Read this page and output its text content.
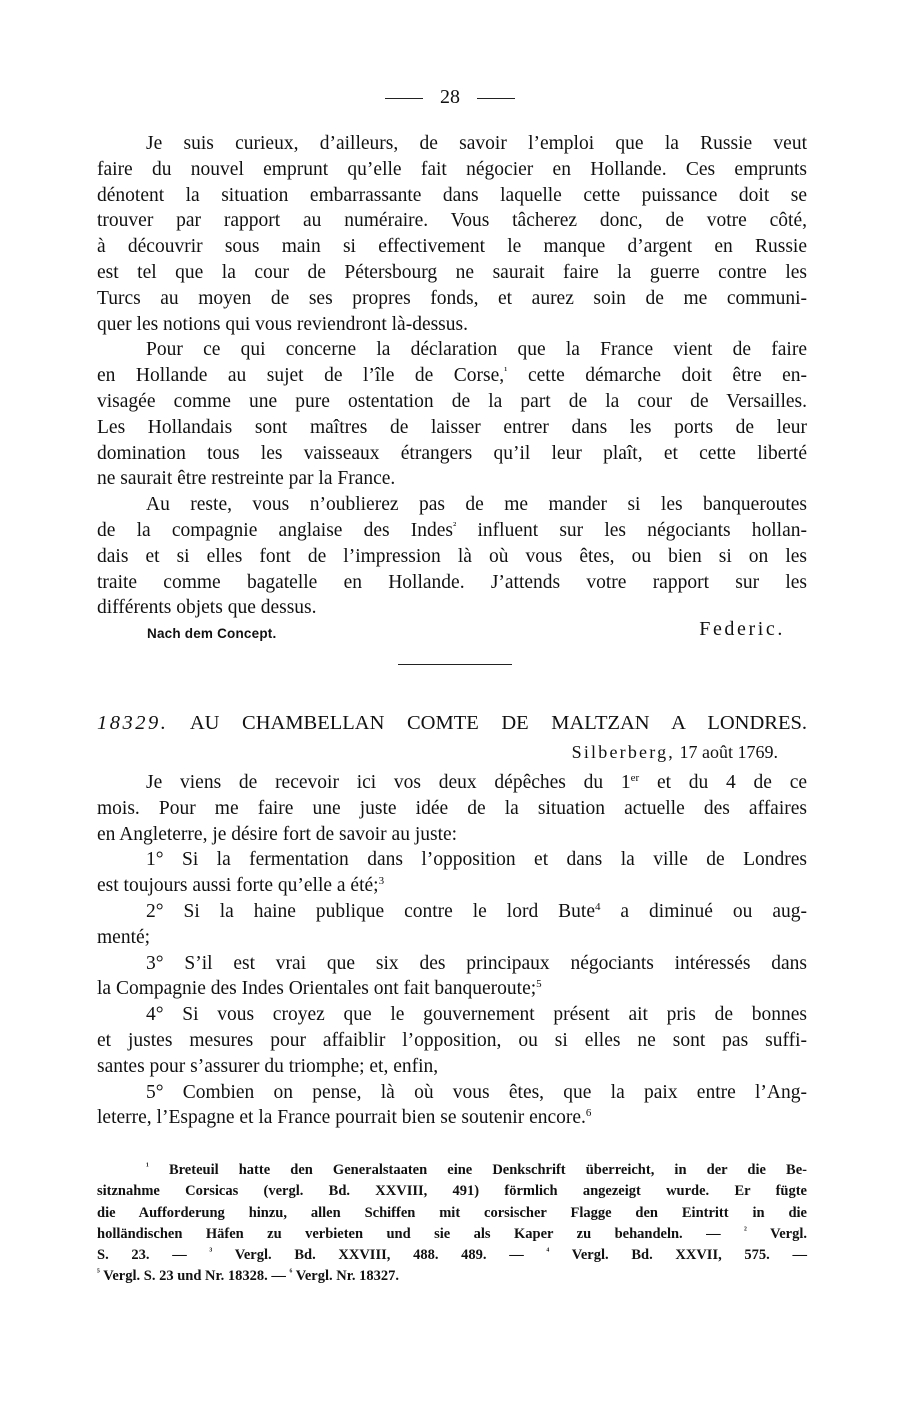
28
Je suis curieux, d’ailleurs, de savoir l’emploi que la Russie veut
faire du nouvel emprunt qu’elle fait négocier en Hollande. Ces emprunts
dénotent la situation embarrassante dans laquelle cette puissance doit se
trouver par rapport au numéraire. Vous tâcherez donc, de votre côté,
à découvrir sous main si effectivement le manque d’argent en Russie
est tel que la cour de Pétersbourg ne saurait faire la guerre contre les
Turcs au moyen de ses propres fonds, et aurez soin de me communi-
quer les notions qui vous reviendront là-dessus.
Pour ce qui concerne la déclaration que la France vient de faire
en Hollande au sujet de l’île de Corse,$^{^1}$ cette démarche doit être en-
visagée comme une pure ostentation de la part de la cour de Versailles.
Les Hollandais sont maîtres de laisser entrer dans les ports de leur
domination tous les vaisseaux étrangers qu’il leur plaît, et cette liberté
ne saurait être restreinte par la France.
Au reste, vous n’oublierez pas de me mander si les banqueroutes
de la compagnie anglaise des Indes$^{^2}$ influent sur les négociants hollan-
dais et si elles font de l’impression là où vous êtes, ou bien si on les
traite comme bagatelle en Hollande. J’attends votre rapport sur les
différents objets que dessus.
Nach dem Concept.	Federic.
18329. AU CHAMBELLAN COMTE DE MALTZAN A LONDRES.
Silberberg, 17 août 1769.
Je viens de recevoir ici vos deux dépêches du 1er et du 4 de ce
mois. Pour me faire une juste idée de la situation actuelle des affaires
en Angleterre, je désire fort de savoir au juste:
1° Si la fermentation dans l’opposition et dans la ville de Londres
est toujours aussi forte qu’elle a été;$^3$
2° Si la haine publique contre le lord Bute$^4$ a diminué ou aug-
menté;
3° S’il est vrai que six des principaux négociants intéressés dans
la Compagnie des Indes Orientales ont fait banqueroute;$^5$
4° Si vous croyez que le gouvernement présent ait pris de bonnes
et justes mesures pour affaiblir l’opposition, ou si elles ne sont pas suffi-
santes pour s’assurer du triomphe; et, enfin,
5° Combien on pense, là où vous êtes, que la paix entre l’Ang-
leterre, l’Espagne et la France pourrait bien se soutenir encore.$^6$
$^{^1}$ Breteuil hatte den Generalstaaten eine Denkschrift überreicht, in der die Be-
sitznahme Corsicas (vergl. Bd. XXVIII, 491) förmlich angezeigt wurde. Er fügte
die Aufforderung hinzu, allen Schiffen mit corsischer Flagge den Eintritt in die
holländischen Häfen zu verbieten und sie als Kaper zu behandeln. — $^{^2}$ Vergl.
S. 23. — $^{^3}$ Vergl. Bd. XXVIII, 488. 489. — $^{^4}$ Vergl. Bd. XXVII, 575. —
$^{^5}$ Vergl. S. 23 und Nr. 18328. — $^{^6}$ Vergl. Nr. 18327.
